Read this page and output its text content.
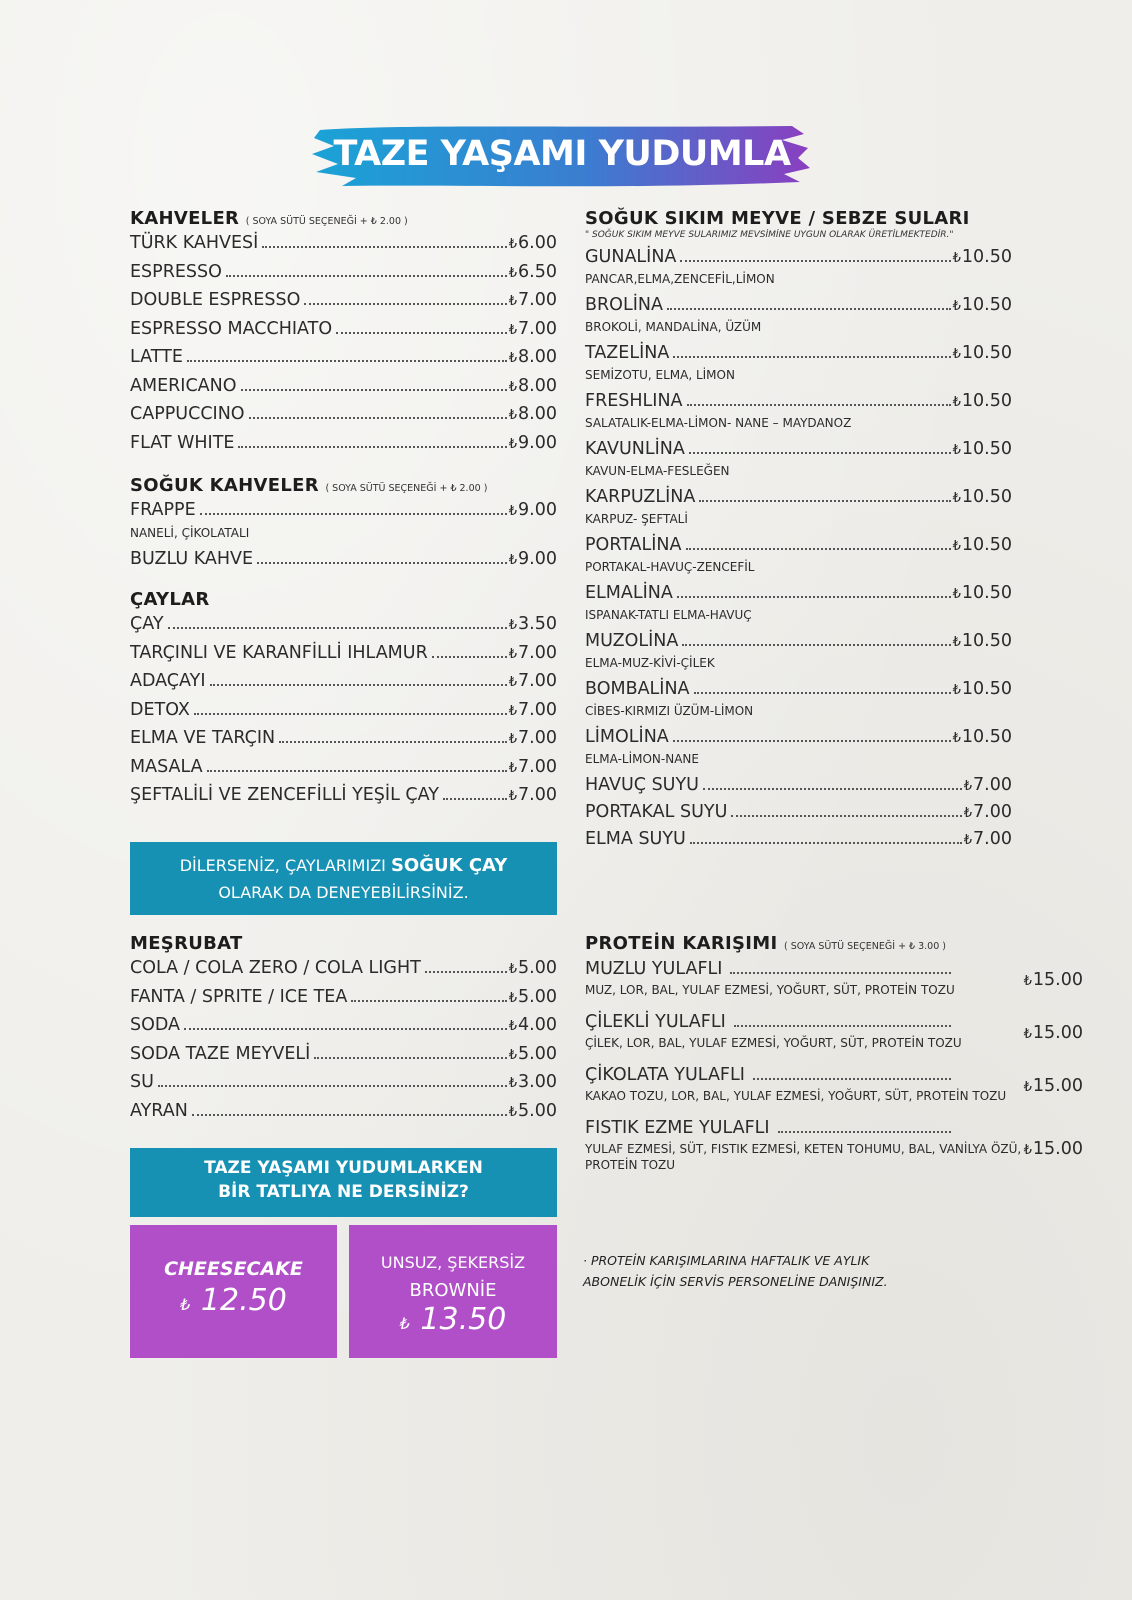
TAZE YAŞAMI YUDUMLA
KAHVELER ( SOYA SÜTÜ SEÇENEĞİ + ₺ 2.00 )
TÜRK KAHVESİ	₺6.00
ESPRESSO	₺6.50
DOUBLE ESPRESSO	₺7.00
ESPRESSO MACCHIATO	₺7.00
LATTE	₺8.00
AMERICANO	₺8.00
CAPPUCCINO	₺8.00
FLAT WHITE	₺9.00
SOĞUK KAHVELER ( SOYA SÜTÜ SEÇENEĞİ + ₺ 2.00 )
FRAPPE	₺9.00
NANELİ, ÇİKOLATALI
BUZLU KAHVE	₺9.00
ÇAYLAR
ÇAY	₺3.50
TARÇINLI VE KARANFİLLİ IHLAMUR	₺7.00
ADAÇAYI	₺7.00
DETOX	₺7.00
ELMA VE TARÇIN	₺7.00
MASALA	₺7.00
ŞEFTALİLİ VE ZENCEFİLLİ YEŞİL ÇAY	₺7.00
DİLERSENİZ, ÇAYLARIMIZI SOĞUK ÇAY
OLARAK DA DENEYEBİLİRSİNİZ.
MEŞRUBAT
COLA / COLA ZERO / COLA LIGHT	₺5.00
FANTA / SPRITE / ICE TEA	₺5.00
SODA	₺4.00
SODA TAZE MEYVELİ	₺5.00
SU	₺3.00
AYRAN	₺5.00
TAZE YAŞAMI YUDUMLARKEN
BİR TATLIYA NE DERSİNİZ?
CHEESECAKE
₺ 12.50
UNSUZ, ŞEKERSİZ
BROWNİE
₺ 13.50
SOĞUK SIKIM MEYVE / SEBZE SULARI
" SOĞUK SIKIM MEYVE SULARIMIZ MEVSİMİNE UYGUN OLARAK ÜRETİLMEKTEDİR."
GUNALİNA	₺10.50
PANCAR,ELMA,ZENCEFİL,LİMON
BROLİNA	₺10.50
BROKOLİ, MANDALİNA, ÜZÜM
TAZELİNA	₺10.50
SEMİZOTU, ELMA, LİMON
FRESHLINA	₺10.50
SALATALIK-ELMA-LİMON- NANE – MAYDANOZ
KAVUNLİNA	₺10.50
KAVUN-ELMA-FESLEĞEN
KARPUZLİNA	₺10.50
KARPUZ- ŞEFTALİ
PORTALİNA	₺10.50
PORTAKAL-HAVUÇ-ZENCEFİL
ELMALİNA	₺10.50
ISPANAK-TATLI ELMA-HAVUÇ
MUZOLİNA	₺10.50
ELMA-MUZ-KİVİ-ÇİLEK
BOMBALİNA	₺10.50
CİBES-KIRMIZI ÜZÜM-LİMON
LİMOLİNA	₺10.50
ELMA-LİMON-NANE
HAVUÇ SUYU	₺7.00
PORTAKAL SUYU	₺7.00
ELMA SUYU	₺7.00
PROTEİN KARIŞIMI ( SOYA SÜTÜ SEÇENEĞİ + ₺ 3.00 )
MUZLU YULAFLI
MUZ, LOR, BAL, YULAF EZMESİ, YOĞURT, SÜT, PROTEİN TOZU
₺15.00
ÇİLEKLİ YULAFLI
ÇİLEK, LOR, BAL, YULAF EZMESİ, YOĞURT, SÜT, PROTEİN TOZU
₺15.00
ÇİKOLATA YULAFLI
KAKAO TOZU, LOR, BAL, YULAF EZMESİ, YOĞURT, SÜT, PROTEİN TOZU
₺15.00
FISTIK EZME YULAFLI
YULAF EZMESİ, SÜT, FISTIK EZMESİ, KETEN TOHUMU, BAL, VANİLYA ÖZÜ, PROTEİN TOZU
₺15.00
· PROTEİN KARIŞIMLARINA HAFTALIK VE AYLIK
ABONELİK İÇİN SERVİS PERSONELİNE DANIŞINIZ.
